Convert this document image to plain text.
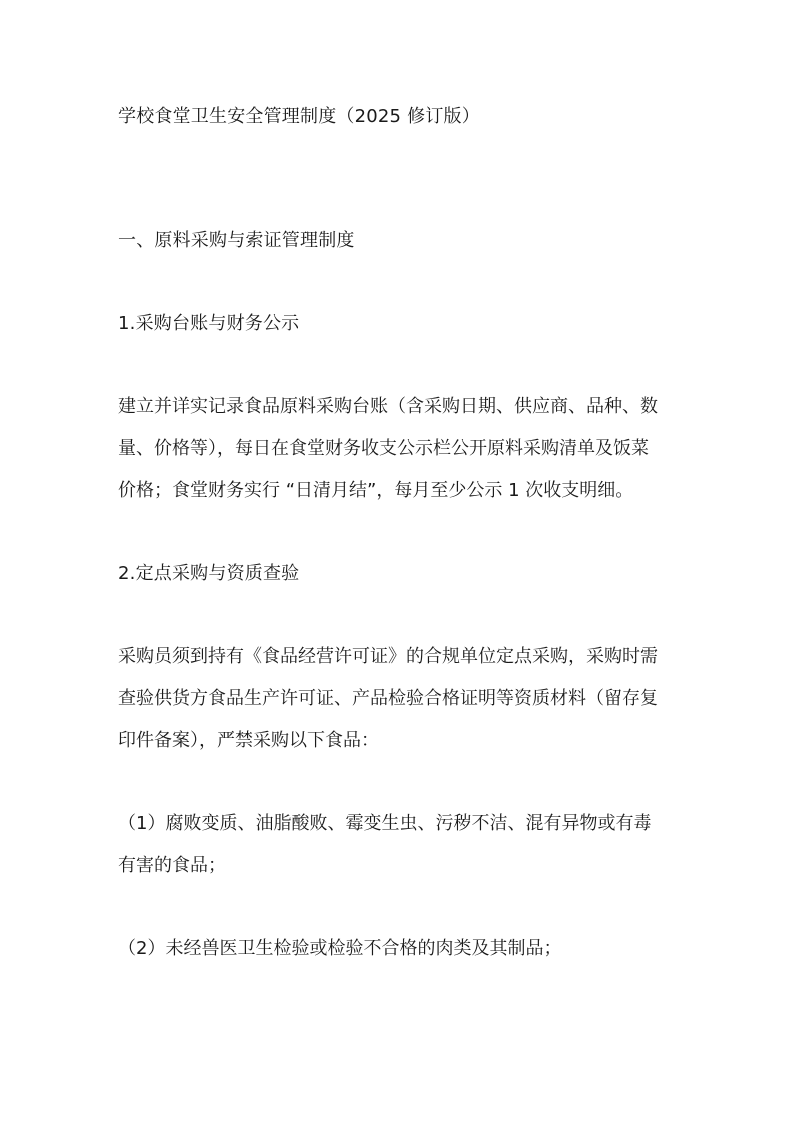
学校食堂卫生安全管理制度（2025 修订版）
一、原料采购与索证管理制度
1.采购台账与财务公示
建立并详实记录食品原料采购台账（含采购日期、供应商、品种、数
量、价格等），每日在食堂财务收支公示栏公开原料采购清单及饭菜
价格；食堂财务实行 “日清月结”，每月至少公示 1 次收支明细。
2.定点采购与资质查验
采购员须到持有《食品经营许可证》的合规单位定点采购，采购时需
查验供货方食品生产许可证、产品检验合格证明等资质材料（留存复
印件备案），严禁采购以下食品：
（1）腐败变质、油脂酸败、霉变生虫、污秽不洁、混有异物或有毒
有害的食品；
（2）未经兽医卫生检验或检验不合格的肉类及其制品；
